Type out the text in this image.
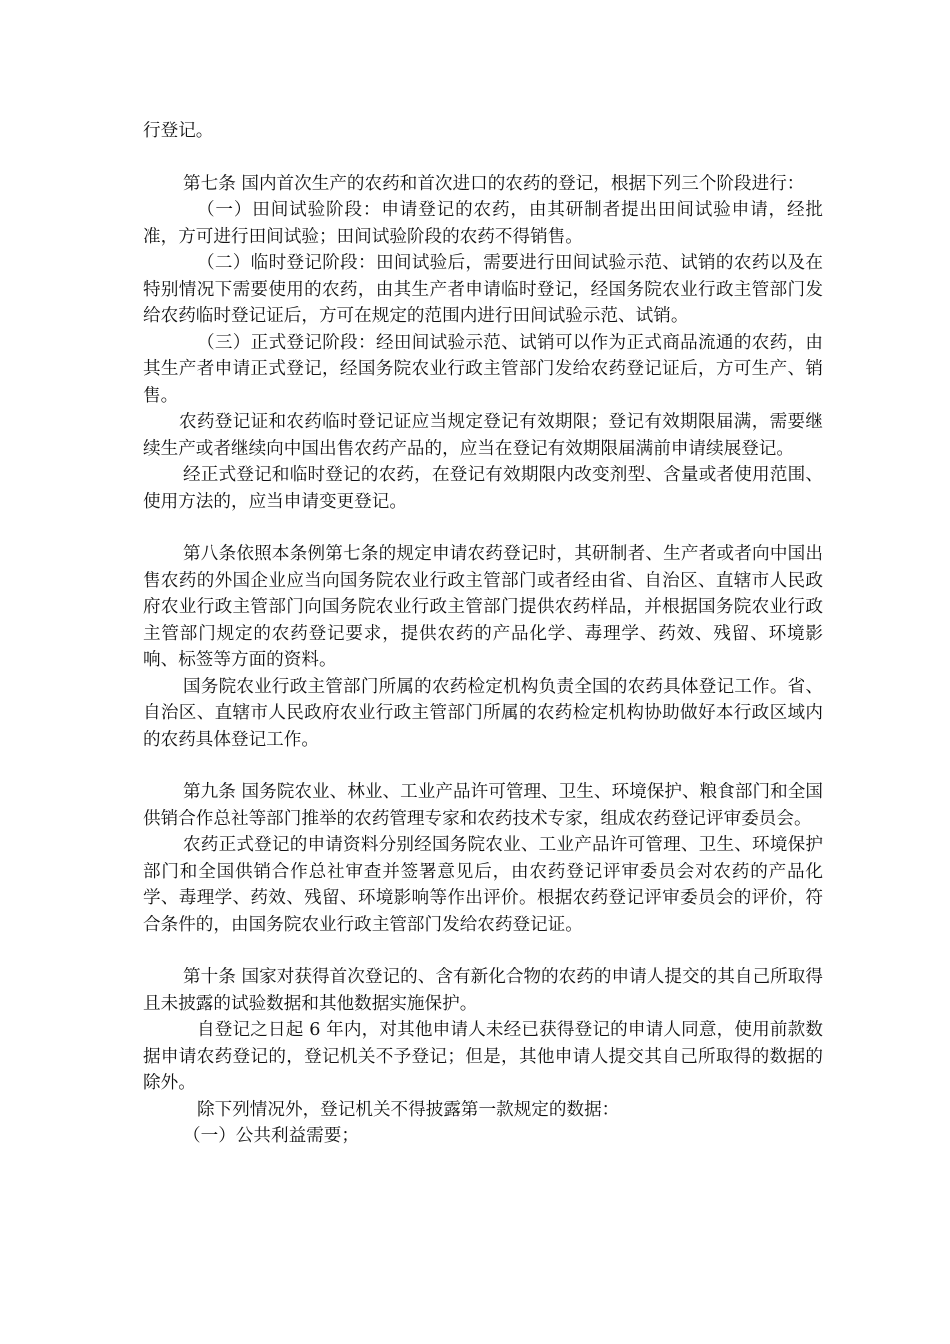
行登记。

第七条 国内首次生产的农药和首次进口的农药的登记，根据下列三个阶段进行：

（一）田间试验阶段：申请登记的农药，由其研制者提出田间试验申请，经批准，方可进行田间试验；田间试验阶段的农药不得销售。

（二）临时登记阶段：田间试验后，需要进行田间试验示范、试销的农药以及在特别情况下需要使用的农药，由其生产者申请临时登记，经国务院农业行政主管部门发给农药临时登记证后，方可在规定的范围内进行田间试验示范、试销。

（三）正式登记阶段：经田间试验示范、试销可以作为正式商品流通的农药，由其生产者申请正式登记，经国务院农业行政主管部门发给农药登记证后，方可生产、销售。

农药登记证和农药临时登记证应当规定登记有效期限；登记有效期限届满，需要继续生产或者继续向中国出售农药产品的，应当在登记有效期限届满前申请续展登记。

经正式登记和临时登记的农药，在登记有效期限内改变剂型、含量或者使用范围、使用方法的，应当申请变更登记。

第八条依照本条例第七条的规定申请农药登记时，其研制者、生产者或者向中国出售农药的外国企业应当向国务院农业行政主管部门或者经由省、自治区、直辖市人民政府农业行政主管部门向国务院农业行政主管部门提供农药样品，并根据国务院农业行政主管部门规定的农药登记要求，提供农药的产品化学、毒理学、药效、残留、环境影响、标签等方面的资料。

国务院农业行政主管部门所属的农药检定机构负责全国的农药具体登记工作。省、自治区、直辖市人民政府农业行政主管部门所属的农药检定机构协助做好本行政区域内的农药具体登记工作。

第九条 国务院农业、林业、工业产品许可管理、卫生、环境保护、粮食部门和全国供销合作总社等部门推举的农药管理专家和农药技术专家，组成农药登记评审委员会。

农药正式登记的申请资料分别经国务院农业、工业产品许可管理、卫生、环境保护部门和全国供销合作总社审查并签署意见后，由农药登记评审委员会对农药的产品化学、毒理学、药效、残留、环境影响等作出评价。根据农药登记评审委员会的评价，符合条件的，由国务院农业行政主管部门发给农药登记证。

第十条 国家对获得首次登记的、含有新化合物的农药的申请人提交的其自己所取得且未披露的试验数据和其他数据实施保护。

自登记之日起 6 年内，对其他申请人未经已获得登记的申请人同意，使用前款数据申请农药登记的，登记机关不予登记；但是，其他申请人提交其自己所取得的数据的除外。

除下列情况外，登记机关不得披露第一款规定的数据：

（一）公共利益需要；
